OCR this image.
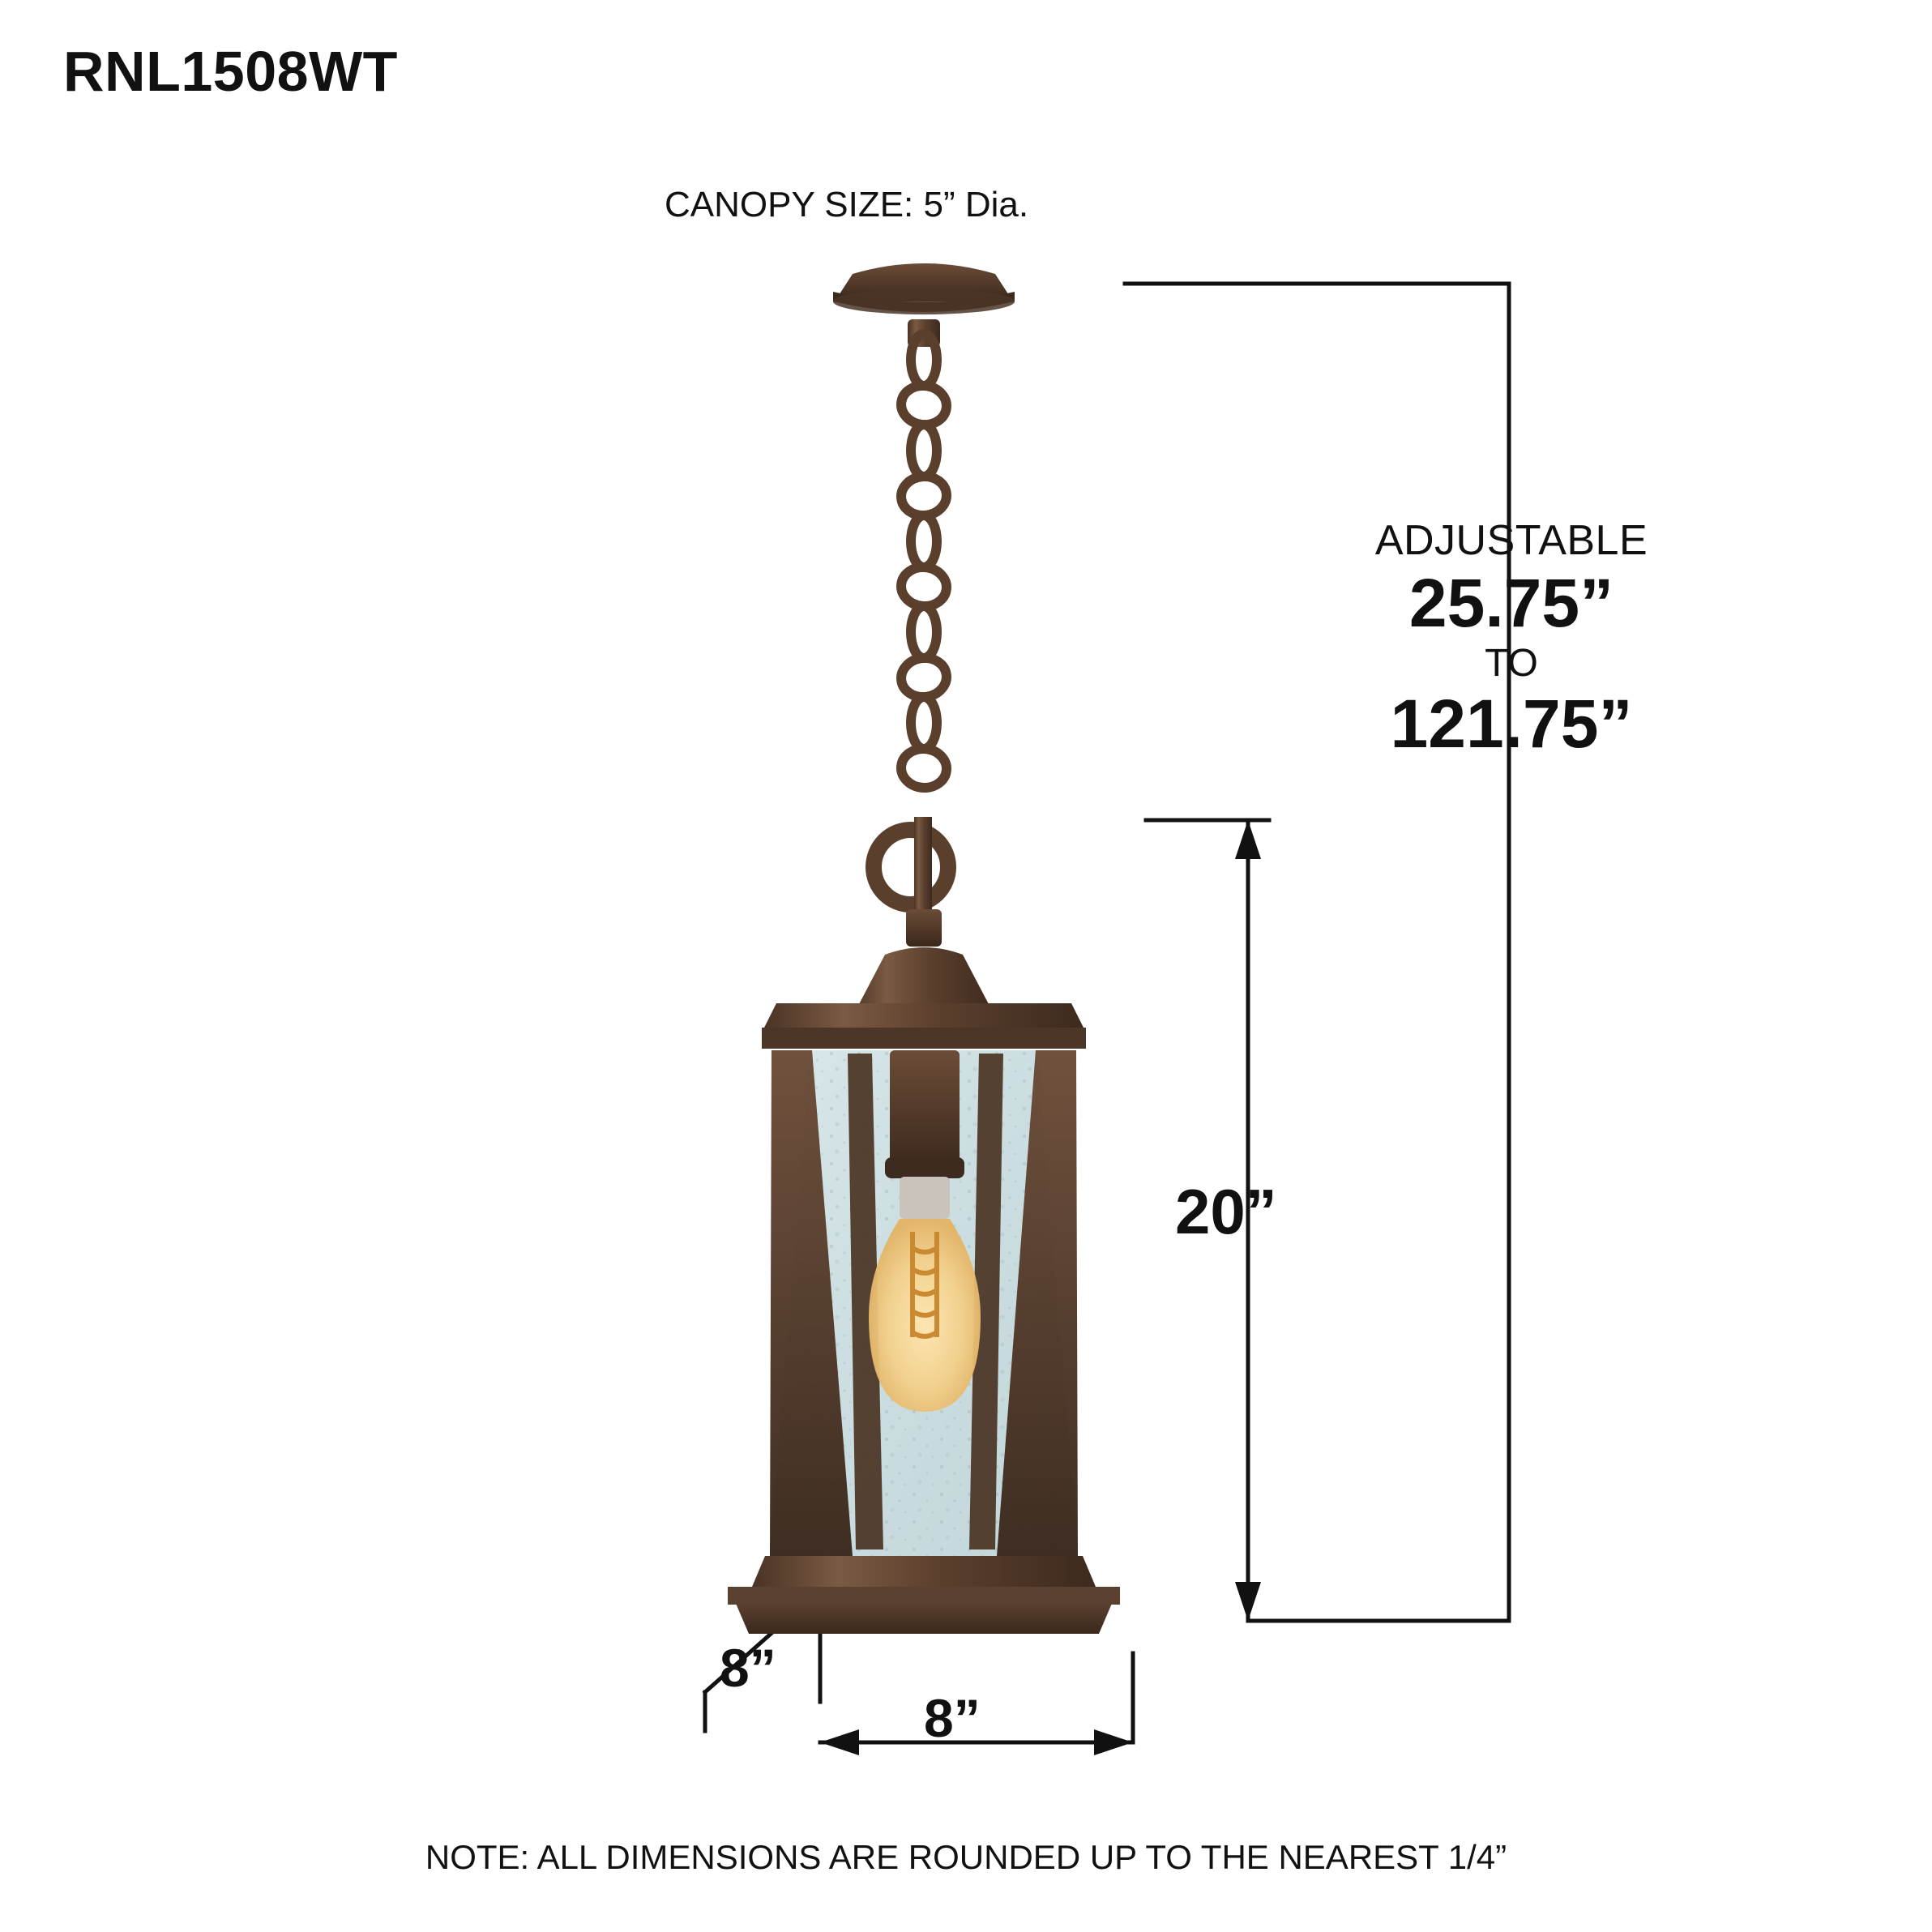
RNL1508WT
CANOPY SIZE: 5” Dia.
ADJUSTABLE
25.75”
TO
121.75”
20”
8”
8”
NOTE: ALL DIMENSIONS ARE ROUNDED UP TO THE NEAREST 1/4”
